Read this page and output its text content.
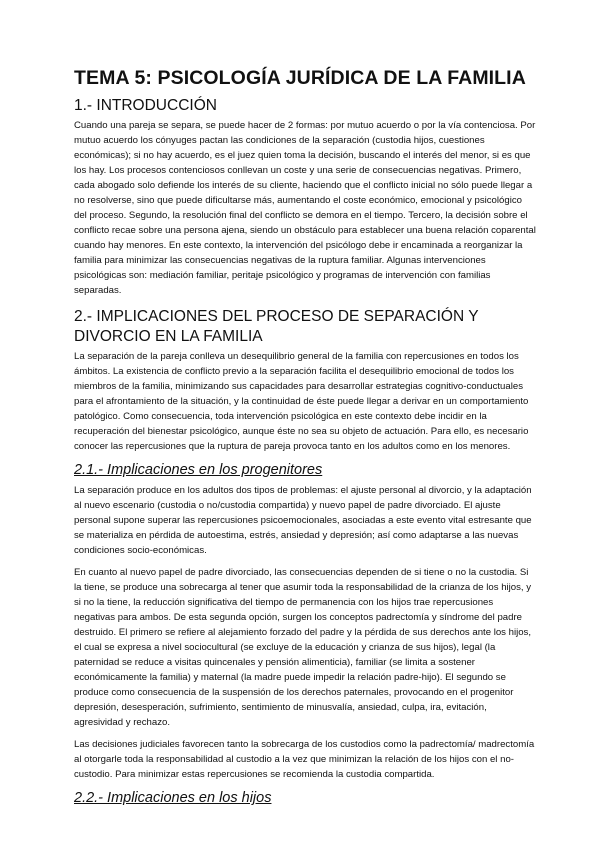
TEMA 5: PSICOLOGÍA JURÍDICA DE LA FAMILIA
1.- INTRODUCCIÓN

Cuando una pareja se separa, se puede hacer de 2 formas: por mutuo acuerdo o por la vía contenciosa. Por mutuo acuerdo los cónyuges pactan las condiciones de la separación (custodia hijos, cuestiones económicas); si no hay acuerdo, es el juez quien toma la decisión, buscando el interés del menor, si es que los hay. Los procesos contenciosos conllevan un coste y una serie de consecuencias negativas. Primero, cada abogado solo defiende los interés de su cliente, haciendo que el conflicto inicial no sólo puede llegar a no resolverse, sino que puede dificultarse más, aumentando el coste económico, emocional y psicológico del proceso. Segundo, la resolución final del conflicto se demora en el tiempo. Tercero, la decisión sobre el conflicto recae sobre una persona ajena, siendo un obstáculo para establecer una buena relación coparental cuando hay menores. En este contexto, la intervención del psicólogo debe ir encaminada a reorganizar la familia para minimizar las consecuencias negativas de la ruptura familiar. Algunas intervenciones psicológicas son: mediación familiar, peritaje psicológico y programas de intervención con familias separadas.

2.- IMPLICACIONES DEL PROCESO DE SEPARACIÓN Y DIVORCIO EN LA FAMILIA

La separación de la pareja conlleva un desequilibrio general de la familia con repercusiones en todos los ámbitos. La existencia de conflicto previo a la separación facilita el desequilibrio emocional de todos los miembros de la familia, minimizando sus capacidades para desarrollar estrategias cognitivo-conductuales para el afrontamiento de la situación, y la continuidad de éste puede llegar a derivar en un comportamiento patológico. Como consecuencia, toda intervención psicológica en este contexto debe incidir en la recuperación del bienestar psicológico, aunque éste no sea su objeto de actuación. Para ello, es necesario conocer las repercusiones que la ruptura de pareja provoca tanto en los adultos como en los menores.

2.1.- Implicaciones en los progenitores

La separación produce en los adultos dos tipos de problemas: el ajuste personal al divorcio, y la adaptación al nuevo escenario (custodia o no/custodia compartida) y nuevo papel de padre divorciado. El ajuste personal supone superar las repercusiones psicoemocionales, asociadas a este evento vital estresante que se materializa en pérdida de autoestima, estrés, ansiedad y depresión; así como adaptarse a las nuevas condiciones socio-económicas.

En cuanto al nuevo papel de padre divorciado, las consecuencias dependen de si tiene o no la custodia. Si la tiene, se produce una sobrecarga al tener que asumir toda la responsabilidad de la crianza de los hijos, y si no la tiene, la reducción significativa del tiempo de permanencia con los hijos trae repercusiones negativas para ambos. De esta segunda opción, surgen los conceptos padrectomía y síndrome del padre destruido. El primero se refiere al alejamiento forzado del padre y la pérdida de sus derechos ante los hijos, el cual se expresa a nivel sociocultural (se excluye de la educación y crianza de sus hijos), legal (la paternidad se reduce a visitas quincenales y pensión alimenticia), familiar (se limita a sostener económicamente la familia) y maternal (la madre puede impedir la relación padre-hijo). El segundo se produce como consecuencia de la suspensión de los derechos paternales, provocando en el progenitor depresión, desesperación, sufrimiento, sentimiento de minusvalía, ansiedad, culpa, ira, evitación, agresividad y rechazo.

Las decisiones judiciales favorecen tanto la sobrecarga de los custodios como la padrectomía/ madrectomía al otorgarle toda la responsabilidad al custodio a la vez que minimizan la relación de los hijos con el no-custodio. Para minimizar estas repercusiones se recomienda la custodia compartida.

2.2.- Implicaciones en los hijos
